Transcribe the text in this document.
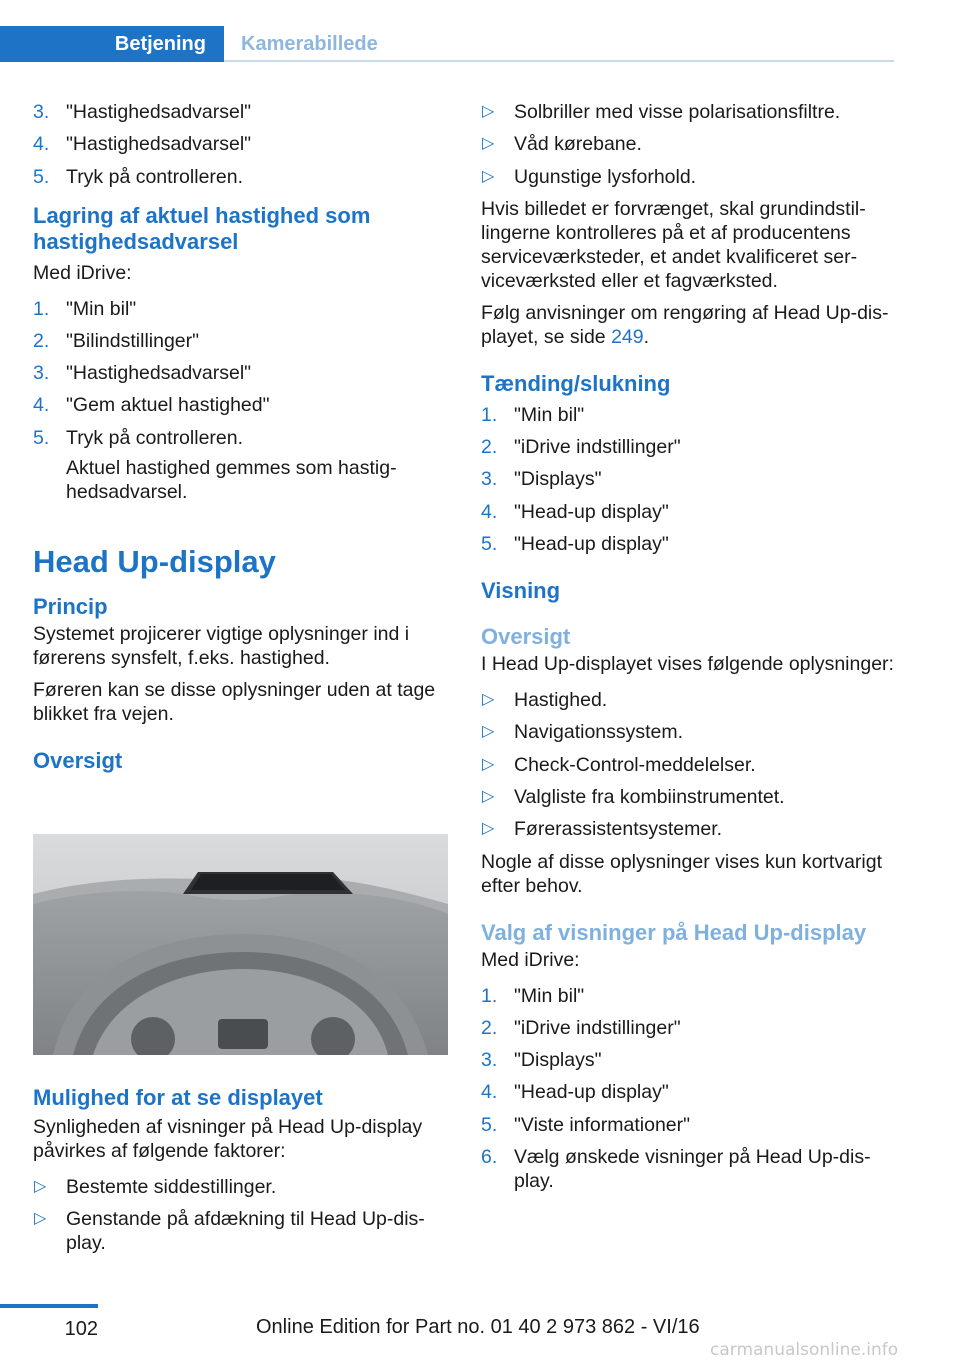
Betjening	Kamerabillede
3. "Hastighedsadvarsel"
4. "Hastighedsadvarsel"
5. Tryk på controlleren.
Lagring af aktuel hastighed som hastighedsadvarsel

Med iDrive:

1. "Min bil"
2. "Bilindstillinger"
3. "Hastighedsadvarsel"
4. "Gem aktuel hastighed"
5. Tryk på controlleren.
Aktuel hastighed gemmes som hastighedsadvarsel.
Head Up-display
Princip

Systemet projicerer vigtige oplysninger ind i førerens synsfelt, f.eks. hastighed.

Føreren kan se disse oplysninger uden at tage blikket fra vejen.

Oversigt
Mulighed for at se displayet

Synligheden af visninger på Head Up-display påvirkes af følgende faktorer:

▷ Bestemte siddestillinger.
▷ Genstande på afdækning til Head Up-display.
▷ Solbriller med visse polarisationsfiltre.
▷ Våd kørebane.
▷ Ugunstige lysforhold.

Hvis billedet er forvrænget, skal grundindstillingerne kontrolleres på et af producentens serviceværksteder, et andet kvalificeret serviceværksted eller et fagværksted.

Følg anvisninger om rengøring af Head Up-displayet, se side 249.

Tænding/slukning
1. "Min bil"
2. "iDrive indstillinger"
3. "Displays"
4. "Head-up display"
5. "Head-up display"
Visning
Oversigt

I Head Up-displayet vises følgende oplysninger:

▷ Hastighed.
▷ Navigationssystem.
▷ Check-Control-meddelelser.
▷ Valgliste fra kombiinstrumentet.
▷ Førerassistentsystemer.

Nogle af disse oplysninger vises kun kortvarigt efter behov.

Valg af visninger på Head Up-display

Med iDrive:

1. "Min bil"
2. "iDrive indstillinger"
3. "Displays"
4. "Head-up display"
5. "Viste informationer"
6. Vælg ønskede visninger på Head Up-display.
102	Online Edition for Part no. 01 40 2 973 862 - VI/16
carmanualsonline.info
